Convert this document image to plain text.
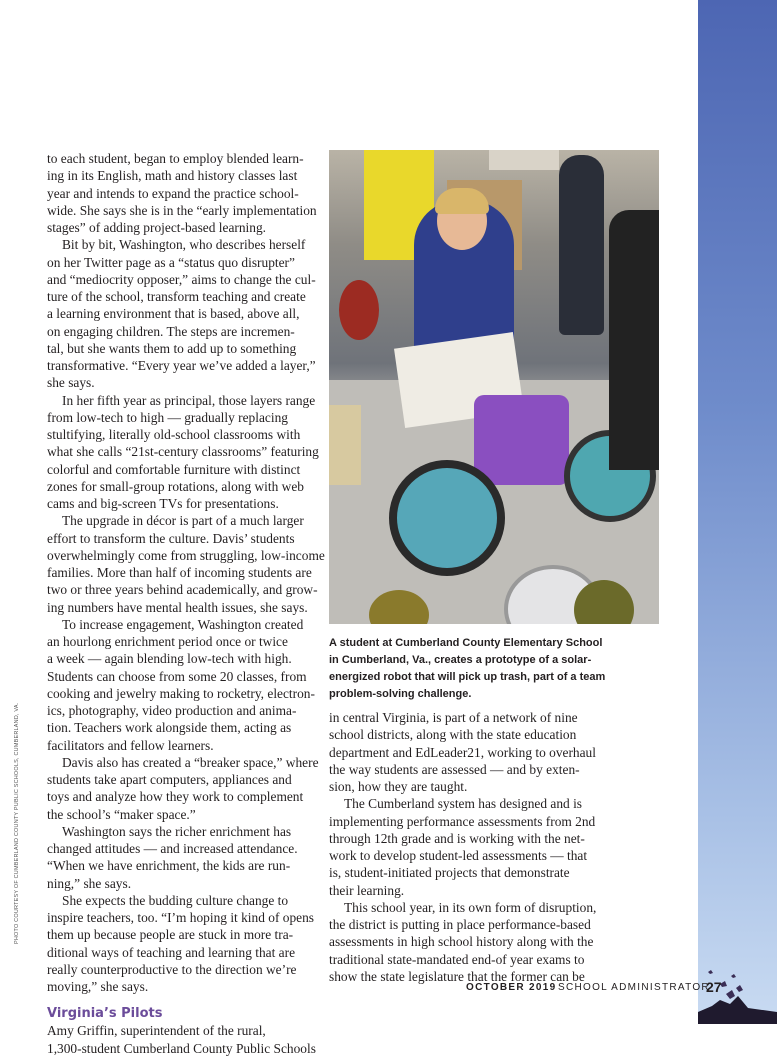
PHOTO COURTESY OF CUMBERLAND COUNTY PUBLIC SCHOOLS, CUMBERLAND, VA.
to each student, began to employ blended learn-
ing in its English, math and history classes last
year and intends to expand the practice school-
wide. She says she is in the “early implementation
stages” of adding project-based learning.
Bit by bit, Washington, who describes herself
on her Twitter page as a “status quo disrupter”
and “mediocrity opposer,” aims to change the cul-
ture of the school, transform teaching and create
a learning environment that is based, above all,
on engaging children. The steps are incremen-
tal, but she wants them to add up to something
transformative. “Every year we’ve added a layer,”
she says.
In her fifth year as principal, those layers range
from low-tech to high — gradually replacing
stultifying, literally old-school classrooms with
what she calls “21st-century classrooms” featuring
colorful and comfortable furniture with distinct
zones for small-group rotations, along with web
cams and big-screen TVs for presentations.
The upgrade in décor is part of a much larger
effort to transform the culture. Davis’ students
overwhelmingly come from struggling, low-income
families. More than half of incoming students are
two or three years behind academically, and grow-
ing numbers have mental health issues, she says.
To increase engagement, Washington created
an hourlong enrichment period once or twice
a week — again blending low-tech with high.
Students can choose from some 20 classes, from
cooking and jewelry making to rocketry, electron-
ics, photography, video production and anima-
tion. Teachers work alongside them, acting as
facilitators and fellow learners.
Davis also has created a “breaker space,” where
students take apart computers, appliances and
toys and analyze how they work to complement
the school’s “maker space.”
Washington says the richer enrichment has
changed attitudes — and increased attendance.
“When we have enrichment, the kids are run-
ning,” she says.
She expects the budding culture change to
inspire teachers, too. “I’m hoping it kind of opens
them up because people are stuck in more tra-
ditional ways of teaching and learning that are
really counterproductive to the direction we’re
moving,” she says.
Virginia’s Pilots
Amy Griffin, superintendent of the rural,
1,300-student Cumberland County Public Schools
A student at Cumberland County Elementary School
in Cumberland, Va., creates a prototype of a solar-
energized robot that will pick up trash, part of a team
problem-solving challenge.
in central Virginia, is part of a network of nine
school districts, along with the state education
department and EdLeader21, working to overhaul
the way students are assessed — and by exten-
sion, how they are taught.
The Cumberland system has designed and is
implementing performance assessments from 2nd
through 12th grade and is working with the net-
work to develop student-led assessments — that
is, student-initiated projects that demonstrate
their learning.
This school year, in its own form of disruption,
the district is putting in place performance-based
assessments in high school history along with the
traditional state-mandated end-of year exams to
show the state legislature that the former can be
OCTOBER 2019 SCHOOL ADMINISTRATOR
27
